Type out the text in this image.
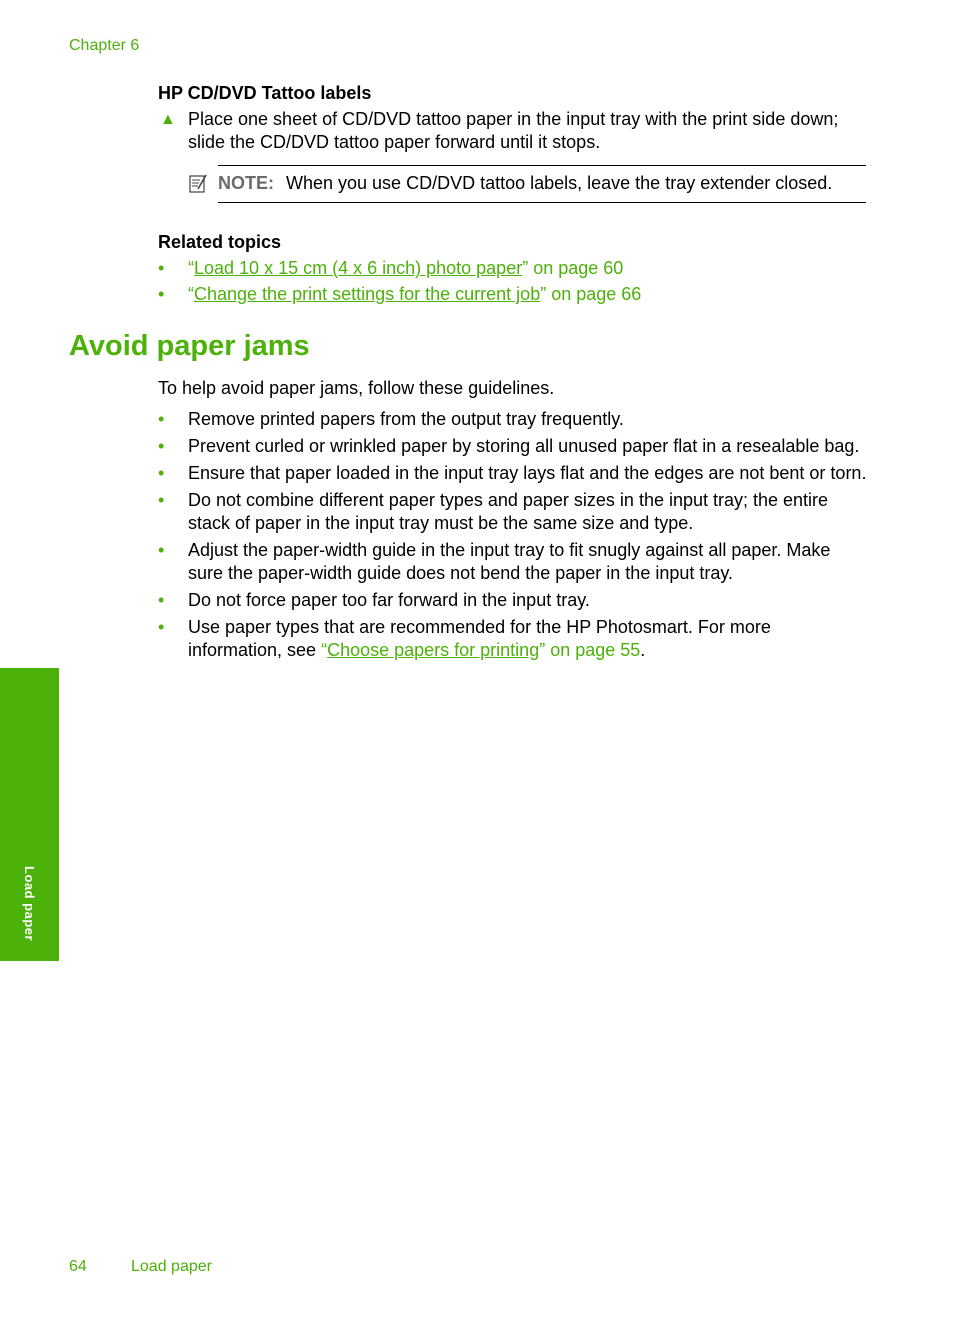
Chapter 6

HP CD/DVD Tattoo labels

▲ Place one sheet of CD/DVD tattoo paper in the input tray with the print side down; slide the CD/DVD tattoo paper forward until it stops.
NOTE: When you use CD/DVD tattoo labels, leave the tray extender closed.

Related topics

• “Load 10 x 15 cm (4 x 6 inch) photo paper” on page 60
• “Change the print settings for the current job” on page 66
Avoid paper jams

To help avoid paper jams, follow these guidelines.

• Remove printed papers from the output tray frequently.
• Prevent curled or wrinkled paper by storing all unused paper flat in a resealable bag.
• Ensure that paper loaded in the input tray lays flat and the edges are not bent or torn.
• Do not combine different paper types and paper sizes in the input tray; the entire stack of paper in the input tray must be the same size and type.
• Adjust the paper-width guide in the input tray to fit snugly against all paper. Make sure the paper-width guide does not bend the paper in the input tray.
• Do not force paper too far forward in the input tray.
• Use paper types that are recommended for the HP Photosmart. For more information, see “Choose papers for printing” on page 55.
Load paper
64	Load paper
